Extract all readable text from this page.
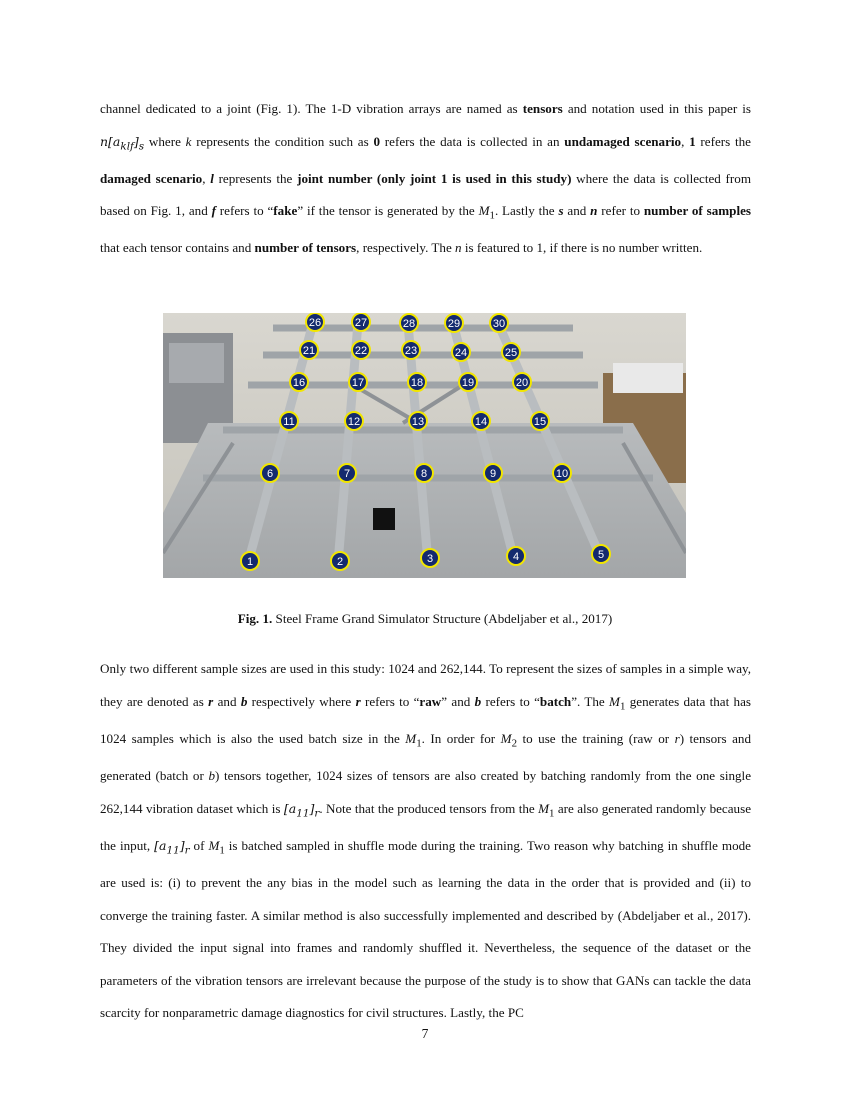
channel dedicated to a joint (Fig. 1). The 1-D vibration arrays are named as tensors and notation used in this paper is $n[a_{klf}]_s$ where k represents the condition such as 0 refers the data is collected in an undamaged scenario, 1 refers the damaged scenario, l represents the joint number (only joint 1 is used in this study) where the data is collected from based on Fig. 1, and f refers to “fake” if the tensor is generated by the $M_1$. Lastly the s and n refer to number of samples that each tensor contains and number of tensors, respectively. The n is featured to 1, if there is no number written.

1	2	3	4	5
6	7	8	9	10
11	12	13	14	15
16	17	18	19	20
21	22	23	24	25
26	27	28	29	30
Fig. 1. Steel Frame Grand Simulator Structure (Abdeljaber et al., 2017)

Only two different sample sizes are used in this study: 1024 and 262,144. To represent the sizes of samples in a simple way, they are denoted as r and b respectively where r refers to “raw” and b refers to “batch”. The $M_1$ generates data that has 1024 samples which is also the used batch size in the $M_1$. In order for $M_2$ to use the training (raw or r) tensors and generated (batch or b) tensors together, 1024 sizes of tensors are also created by batching randomly from the one single 262,144 vibration dataset which is $[a_{11}]_r$. Note that the produced tensors from the $M_1$ are also generated randomly because the input, $[a_{11}]_r$ of $M_1$ is batched sampled in shuffle mode during the training. Two reason why batching in shuffle mode are used is: (i) to prevent the any bias in the model such as learning the data in the order that is provided and (ii) to converge the training faster. A similar method is also successfully implemented and described by (Abdeljaber et al., 2017). They divided the input signal into frames and randomly shuffled it. Nevertheless, the sequence of the dataset or the parameters of the vibration tensors are irrelevant because the purpose of the study is to show that GANs can tackle the data scarcity for nonparametric damage diagnostics for civil structures. Lastly, the PC

7
